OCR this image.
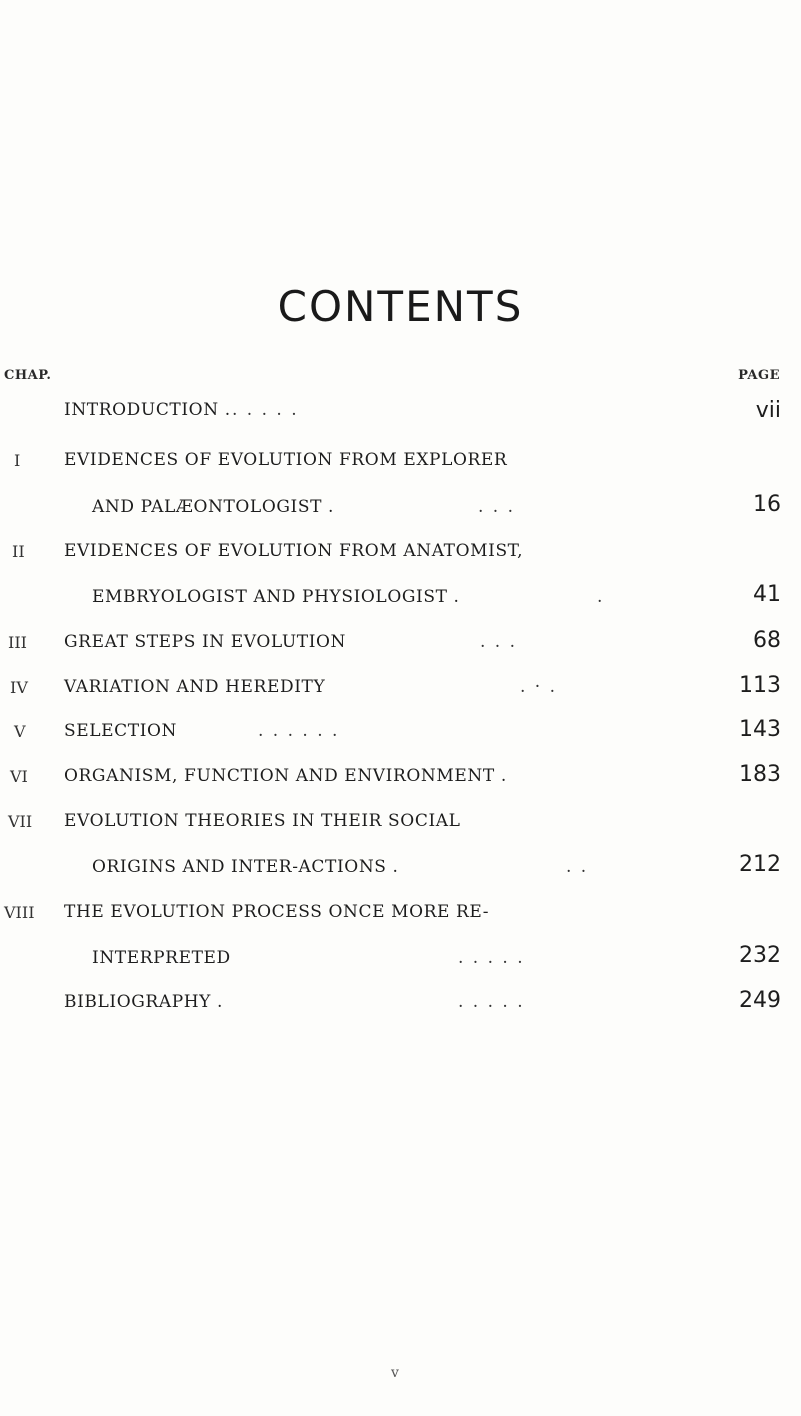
CONTENTS
CHAP.	PAGE
INTRODUCTION . . . . . .	vii
I	EVIDENCES OF EVOLUTION FROM EXPLORER
AND PALÆONTOLOGIST .	. . .	16
II EVIDENCES OF EVOLUTION FROM ANATOMIST,
EMBRYOLOGIST AND PHYSIOLOGIST .	.	41
III GREAT STEPS IN EVOLUTION	. . .	68
IV VARIATION AND HEREDITY	. · .	113
V SELECTION	. . . . . .	143
VI ORGANISM, FUNCTION AND ENVIRONMENT .	183
VII EVOLUTION THEORIES IN THEIR SOCIAL
ORIGINS AND INTER-ACTIONS .	. .	212
VIII THE EVOLUTION PROCESS ONCE MORE RE-
INTERPRETED	. . . . .	232
BIBLIOGRAPHY .	. . . . .	249
v
